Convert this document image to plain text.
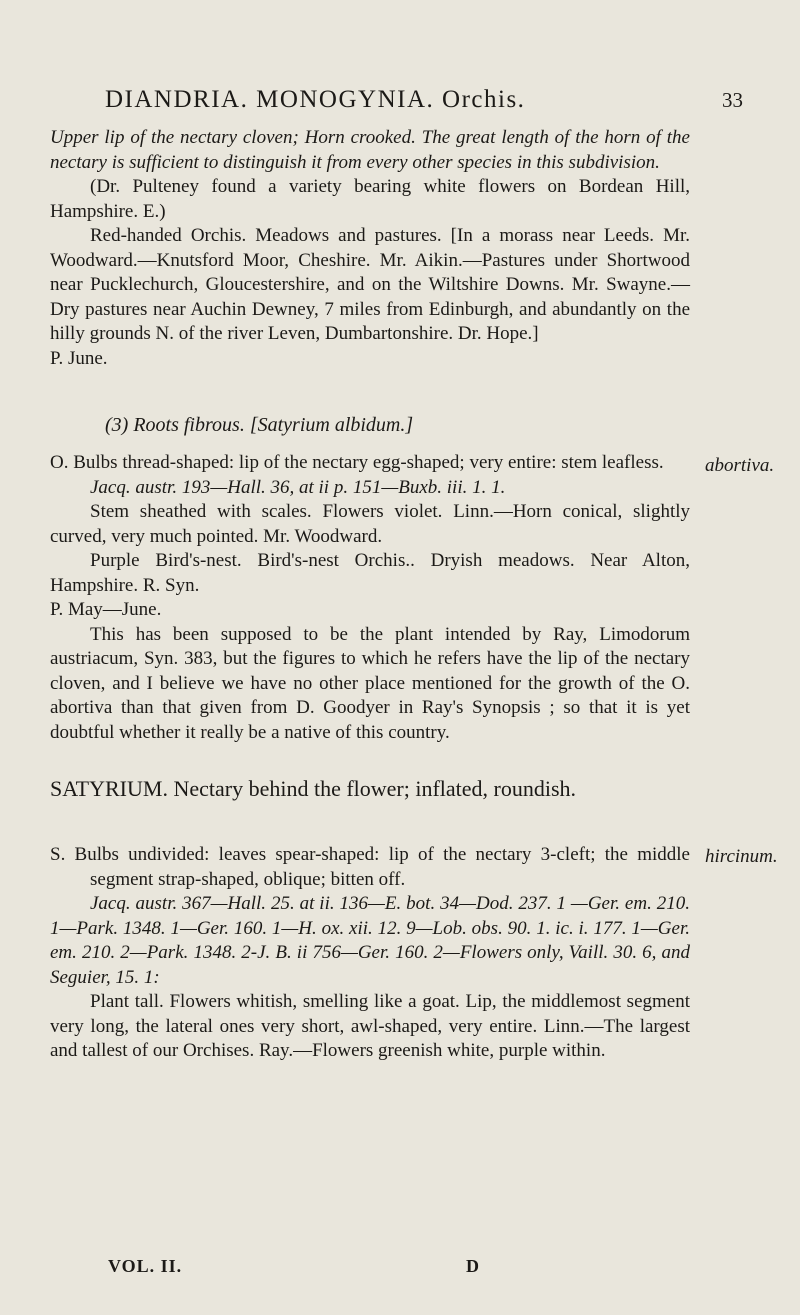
DIANDRIA. MONOGYNIA. Orchis.	33

Upper lip of the nectary cloven; Horn crooked. The great length of the horn of the nectary is sufficient to distinguish it from every other species in this subdivision.

(Dr. Pulteney found a variety bearing white flowers on Bordean Hill, Hampshire. E.)

Red-handed Orchis. Meadows and pastures. [In a morass near Leeds. Mr. Woodward.—Knutsford Moor, Cheshire. Mr. Aikin.—Pastures under Shortwood near Pucklechurch, Gloucestershire, and on the Wiltshire Downs. Mr. Swayne.—Dry pastures near Auchin Dewney, 7 miles from Edinburgh, and abundantly on the hilly grounds N. of the river Leven, Dumbartonshire. Dr. Hope.]

P. June.

(3) Roots fibrous. [Satyrium albidum.]

O. Bulbs thread-shaped: lip of the nectary egg-shaped; very entire: stem leafless.

Jacq. austr. 193—Hall. 36, at ii p. 151—Buxb. iii. 1. 1.

Stem sheathed with scales. Flowers violet. Linn.—Horn conical, slightly curved, very much pointed. Mr. Woodward.

Purple Bird's-nest. Bird's-nest Orchis.. Dryish meadows. Near Alton, Hampshire. R. Syn.

P. May—June.

This has been supposed to be the plant intended by Ray, Limodorum austriacum, Syn. 383, but the figures to which he refers have the lip of the nectary cloven, and I believe we have no other place mentioned for the growth of the O. abortiva than that given from D. Goodyer in Ray's Synopsis ; so that it is yet doubtful whether it really be a native of this country.

abortiva.
SATYRIUM. Nectary behind the flower; inflated, roundish.

S. Bulbs undivided: leaves spear-shaped: lip of the nectary 3-cleft; the middle segment strap-shaped, oblique; bitten off.

Jacq. austr. 367—Hall. 25. at ii. 136—E. bot. 34—Dod. 237. 1 —Ger. em. 210. 1—Park. 1348. 1—Ger. 160. 1—H. ox. xii. 12. 9—Lob. obs. 90. 1. ic. i. 177. 1—Ger. em. 210. 2—Park. 1348. 2-J. B. ii 756—Ger. 160. 2—Flowers only, Vaill. 30. 6, and Seguier, 15. 1:

Plant tall. Flowers whitish, smelling like a goat. Lip, the middlemost segment very long, the lateral ones very short, awl-shaped, very entire. Linn.—The largest and tallest of our Orchises. Ray.—Flowers greenish white, purple within.

hircinum.
VOL. II.	D
